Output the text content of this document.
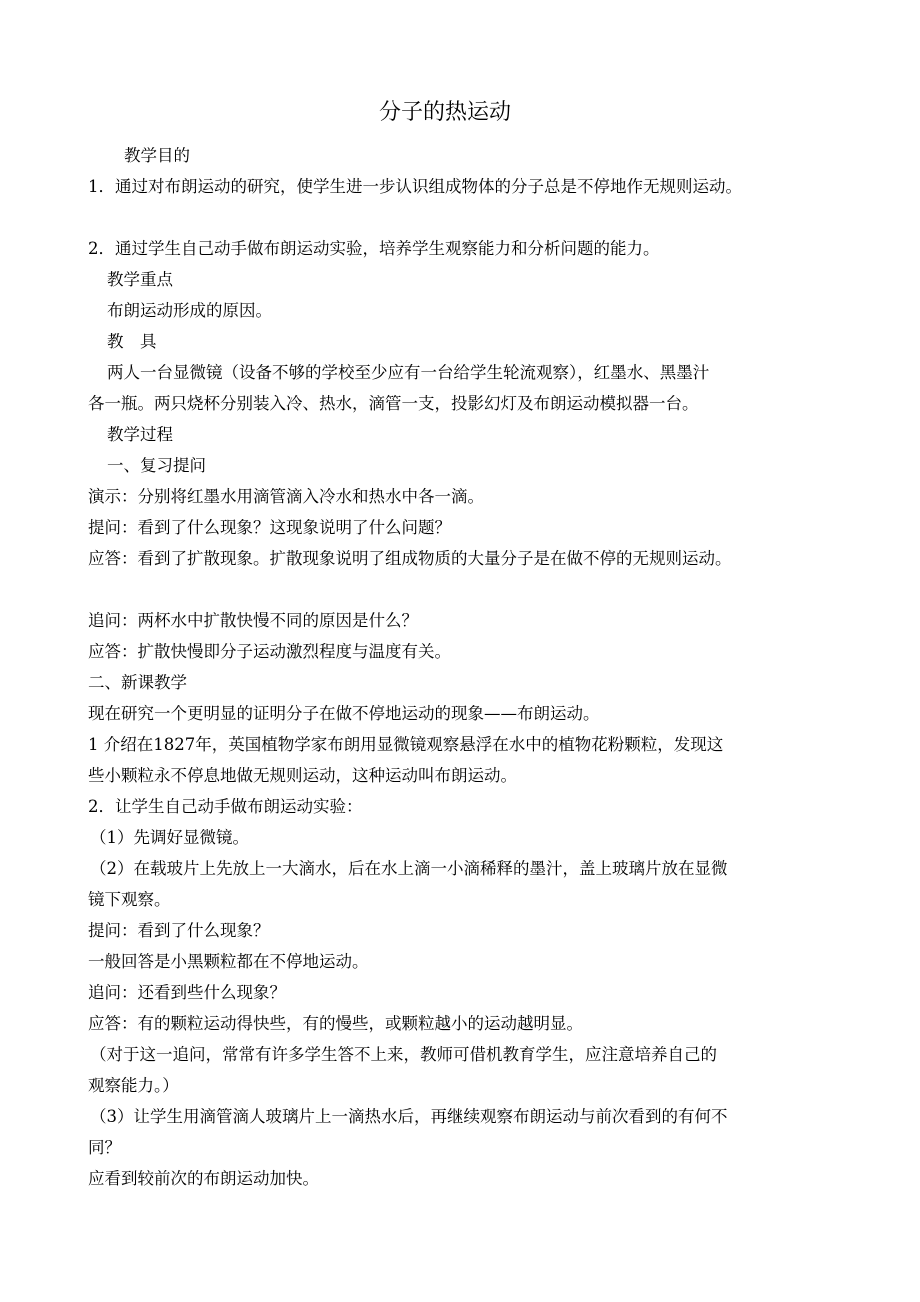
分子的热运动

教学目的

1．通过对布朗运动的研究，使学生进一步认识组成物体的分子总是不停地作无规则运动。

2．通过学生自己动手做布朗运动实验，培养学生观察能力和分析问题的能力。

教学重点

布朗运动形成的原因。

教　具

两人一台显微镜（设备不够的学校至少应有一台给学生轮流观察），红墨水、黑墨汁

各一瓶。两只烧杯分别装入冷、热水，滴管一支，投影幻灯及布朗运动模拟器一台。

教学过程

一、复习提问

演示：分别将红墨水用滴管滴入冷水和热水中各一滴。

提问：看到了什么现象？这现象说明了什么问题？

应答：看到了扩散现象。扩散现象说明了组成物质的大量分子是在做不停的无规则运动。

追问：两杯水中扩散快慢不同的原因是什么？

应答：扩散快慢即分子运动激烈程度与温度有关。

二、新课教学

现在研究一个更明显的证明分子在做不停地运动的现象——布朗运动。

1 介绍在1827年，英国植物学家布朗用显微镜观察悬浮在水中的植物花粉颗粒，发现这

些小颗粒永不停息地做无规则运动，这种运动叫布朗运动。

2．让学生自己动手做布朗运动实验：

（1）先调好显微镜。

（2）在载玻片上先放上一大滴水，后在水上滴一小滴稀释的墨汁，盖上玻璃片放在显微

镜下观察。

提问：看到了什么现象？

一般回答是小黑颗粒都在不停地运动。

追问：还看到些什么现象？

应答：有的颗粒运动得快些，有的慢些，或颗粒越小的运动越明显。

（对于这一追问，常常有许多学生答不上来，教师可借机教育学生，应注意培养自己的

观察能力。）

（3）让学生用滴管滴人玻璃片上一滴热水后，再继续观察布朗运动与前次看到的有何不

同？

应看到较前次的布朗运动加快。
